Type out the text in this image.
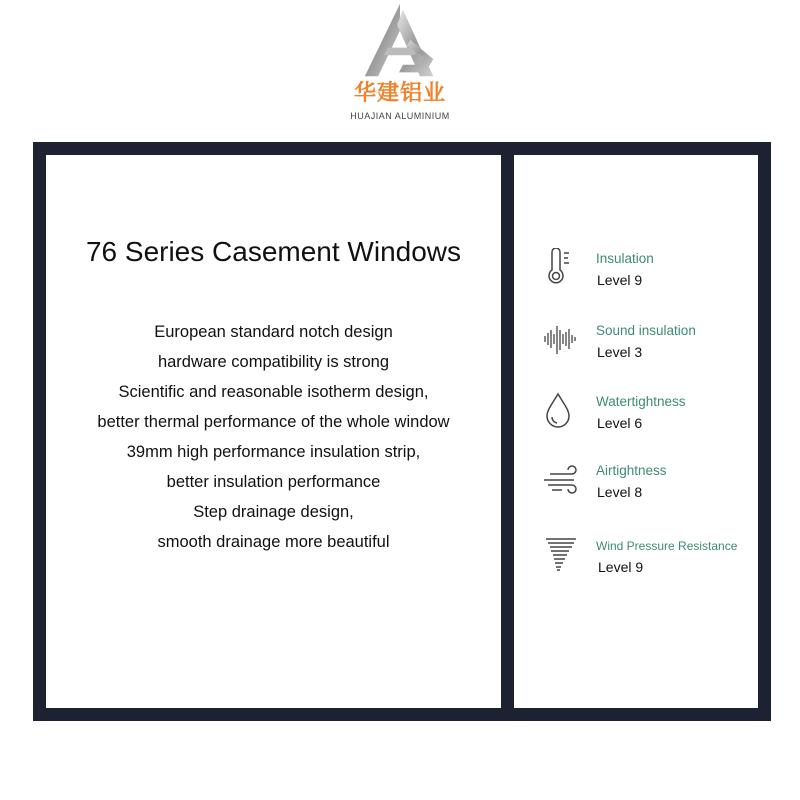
华建铝业
HUAJIAN ALUMINIUM
76 Series Casement Windows
European standard notch design
hardware compatibility is strong
Scientific and reasonable isotherm design,
better thermal performance of the whole window
39mm high performance insulation strip,
better insulation performance
Step drainage design,
smooth drainage more beautiful
Insulation
Level 9
Sound insulation
Level 3
Watertightness
Level 6
Airtightness
Level 8
Wind Pressure Resistance
Level 9
